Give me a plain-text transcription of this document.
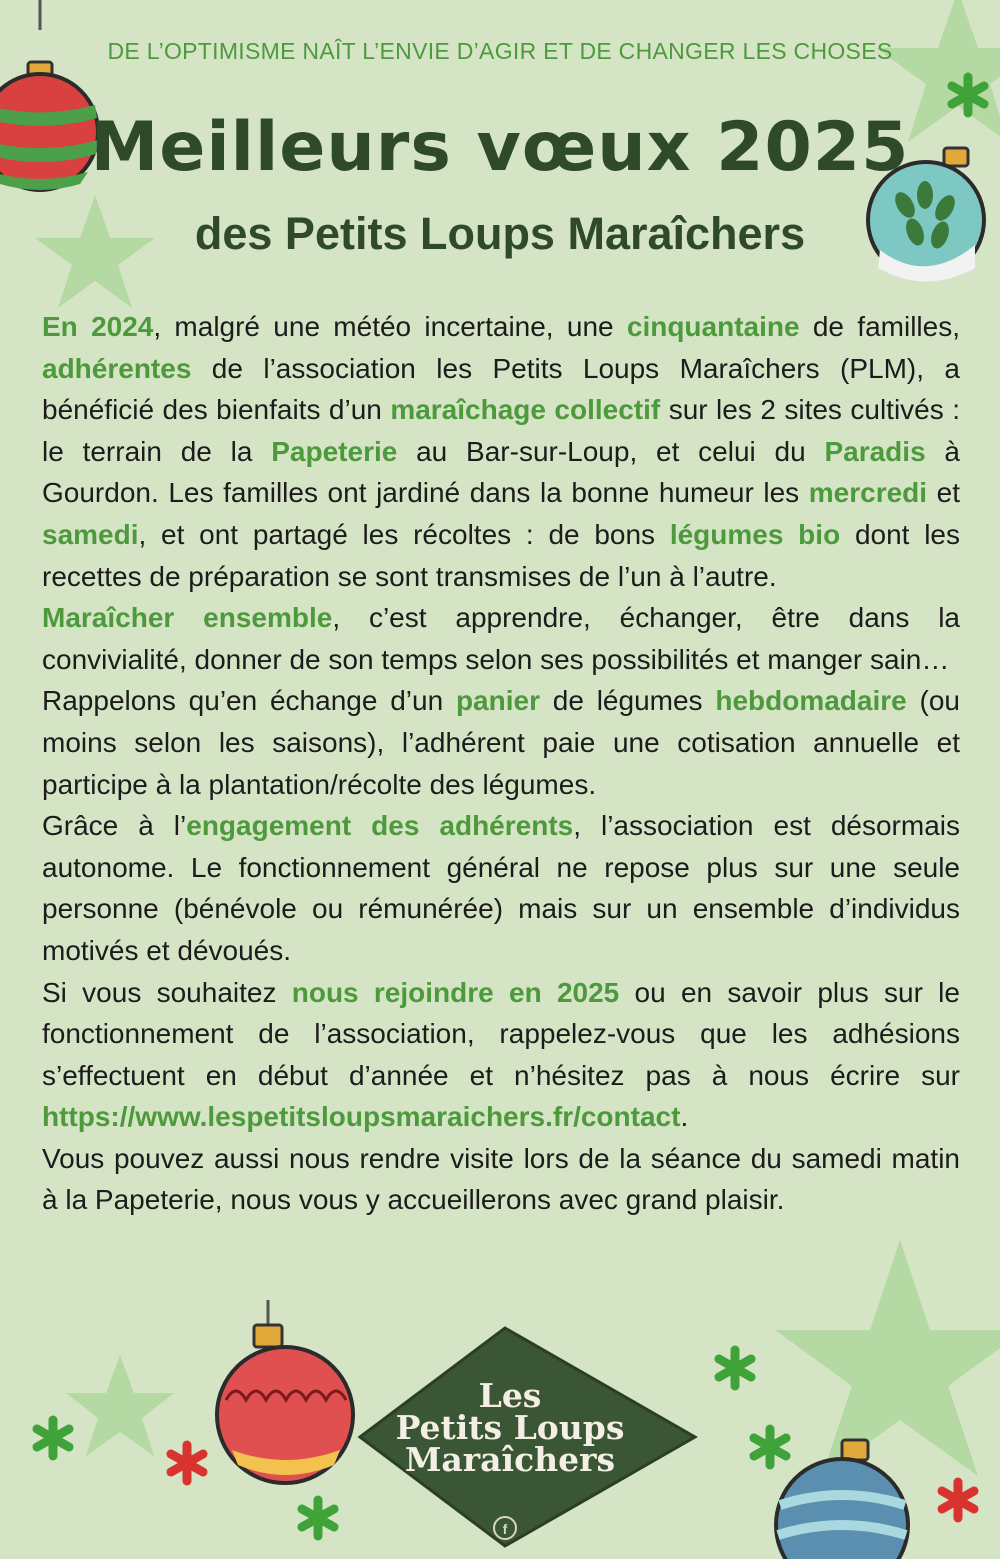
f
DE L’OPTIMISME NAÎT L’ENVIE D’AGIR ET DE CHANGER LES CHOSES
Meilleurs vœux 2025
des Petits Loups Maraîchers

En 2024, malgré une météo incertaine, une cinquantaine de familles, adhérentes de l’association les Petits Loups Maraîchers (PLM), a bénéficié des bienfaits d’un maraîchage collectif sur les 2 sites cultivés : le terrain de la Papeterie au Bar-sur-Loup, et celui du Paradis à Gourdon. Les familles ont jardiné dans la bonne humeur les mercredi et samedi, et ont partagé les récoltes : de bons légumes bio dont les recettes de préparation se sont transmises de l’un à l’autre.

Maraîcher ensemble, c’est apprendre, échanger, être dans la convivialité, donner de son temps selon ses possibilités et manger sain…

Rappelons qu’en échange d’un panier de légumes hebdomadaire (ou moins selon les saisons), l’adhérent paie une cotisation annuelle et participe à la plantation/récolte des légumes.

Grâce à l’engagement des adhérents, l’association est désormais autonome. Le fonctionnement général ne repose plus sur une seule personne (bénévole ou rémunérée) mais sur un ensemble d’individus motivés et dévoués.

Si vous souhaitez nous rejoindre en 2025 ou en savoir plus sur le fonctionnement de l’association, rappelez-vous que les adhésions s’effectuent en début d’année et n’hésitez pas à nous écrire sur https://www.lespetitsloupsmaraichers.fr/contact.

Vous pouvez aussi nous rendre visite lors de la séance du samedi matin à la Papeterie, nous vous y accueillerons avec grand plaisir.

Les
Petits Loups
Maraîchers
